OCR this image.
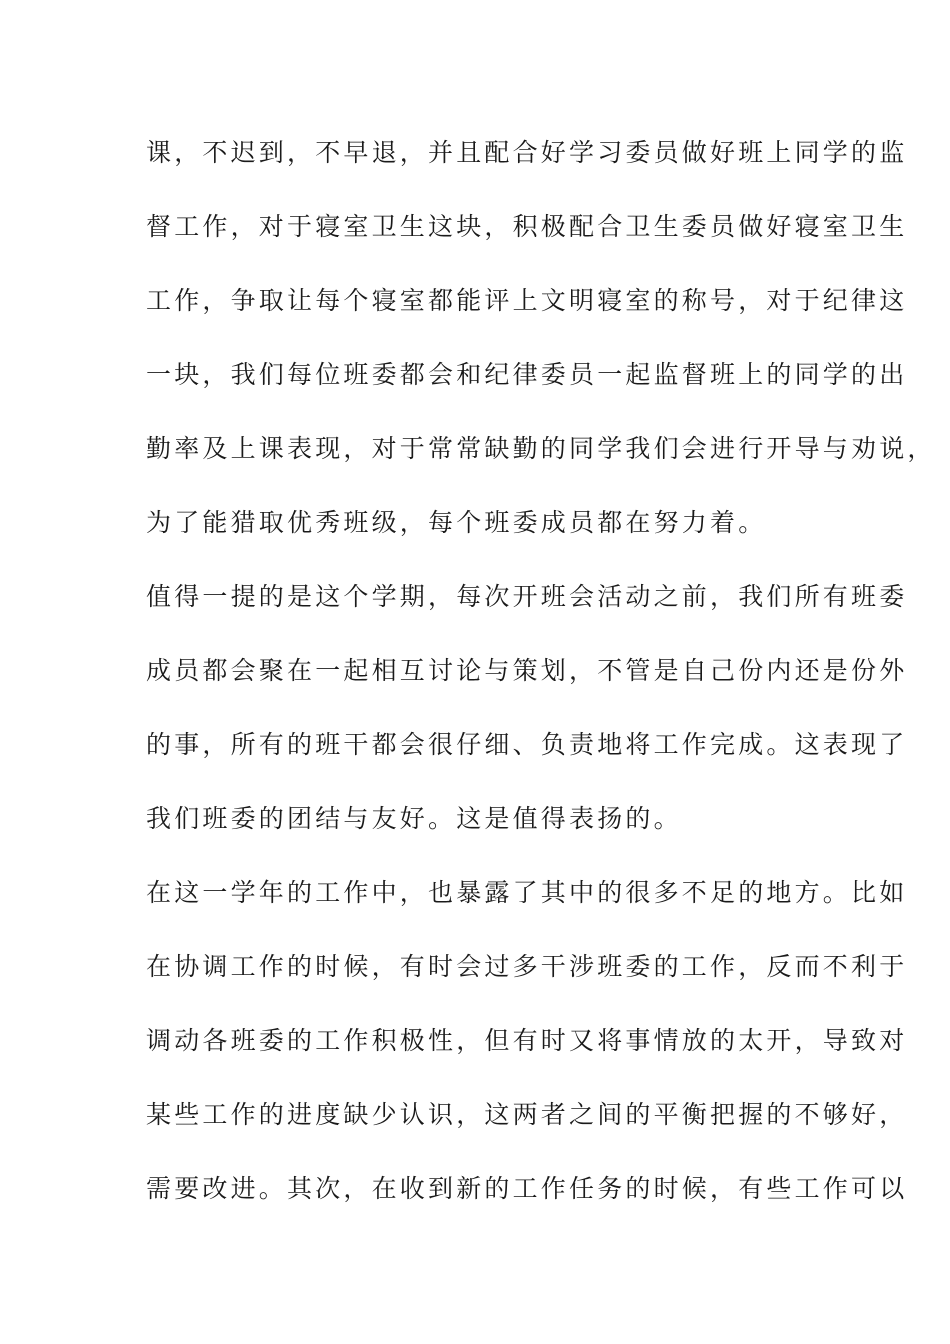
课，不迟到，不早退，并且配合好学习委员做好班上同学的监
督工作，对于寝室卫生这块，积极配合卫生委员做好寝室卫生
工作，争取让每个寝室都能评上文明寝室的称号，对于纪律这
一块，我们每位班委都会和纪律委员一起监督班上的同学的出
勤率及上课表现，对于常常缺勤的同学我们会进行开导与劝说，
为了能猎取优秀班级，每个班委成员都在努力着。
值得一提的是这个学期，每次开班会活动之前，我们所有班委
成员都会聚在一起相互讨论与策划，不管是自己份内还是份外
的事，所有的班干都会很仔细、负责地将工作完成。这表现了
我们班委的团结与友好。这是值得表扬的。
在这一学年的工作中，也暴露了其中的很多不足的地方。比如
在协调工作的时候，有时会过多干涉班委的工作，反而不利于
调动各班委的工作积极性，但有时又将事情放的太开，导致对
某些工作的进度缺少认识，这两者之间的平衡把握的不够好，
需要改进。其次，在收到新的工作任务的时候，有些工作可以
